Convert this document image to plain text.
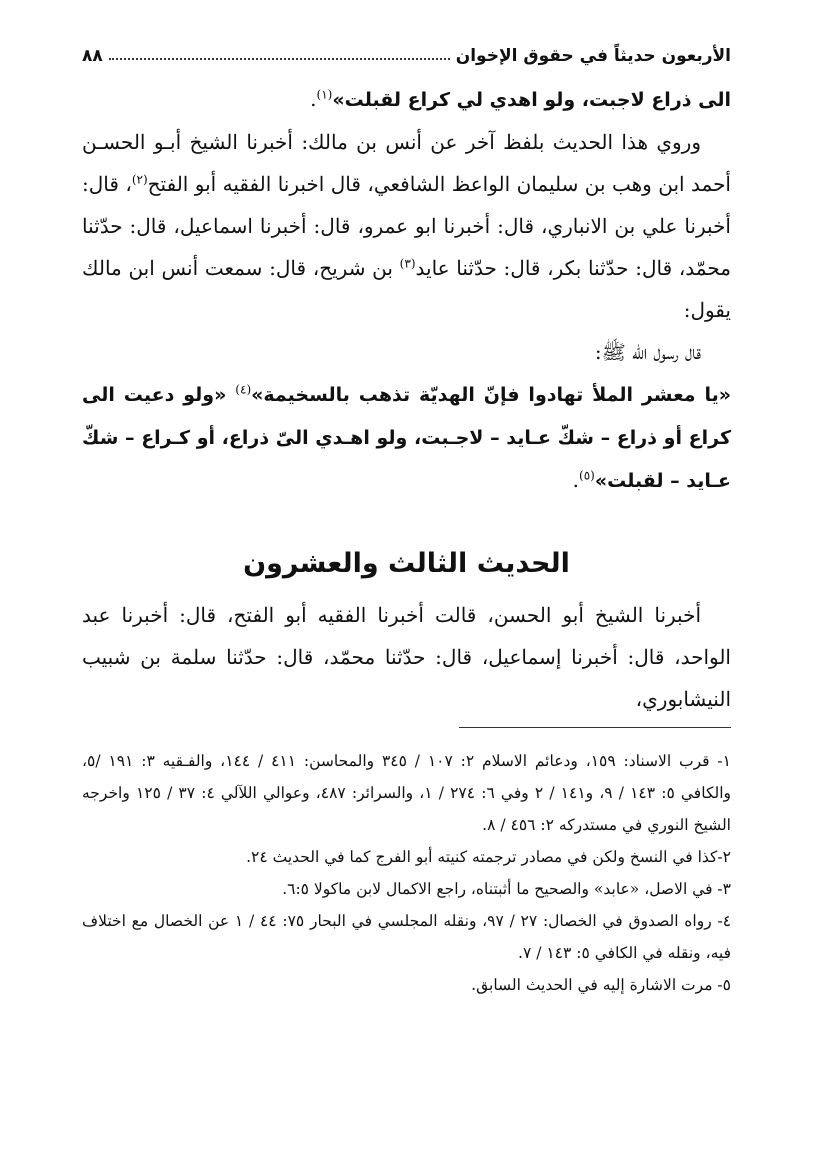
الأربعون حديثاً في حقوق الإخوان
٨٨

الى ذراع لاجبت، ولو اهدي لي كراع لقبلت»$^{(١)}$.

وروي هذا الحديث بلفظ آخر عن أنس بن مالك: أخبرنا الشيخ أبـو الحسـن أحمد ابن وهب بن سليمان الواعظ الشافعي، قال اخبرنا الفقيه أبو الفتح$^{(٢)}$، قال: أخبرنا علي بن الانباري، قال: أخبرنا ابو عمرو، قال: أخبرنا اسماعيل، قال: حدّثنا محمّد، قال: حدّثنا بكر، قال: حدّثنا عايد$^{(٣)}$ بن شريح، قال: سمعت أنس ابن مالك يقول:

قال رسول الله ﷺ:

«يا معشر الملأ تهادوا فإنّ الهديّة تذهب بالسخيمة»$^{(٤)}$ «ولو دعيت الى كراع أو ذراع – شكّ عـايد – لاجـبت، ولو اهـدي الىّ ذراع، أو كـراع – شكّ عـايد – لقبلت»$^{(٥)}$.

الحديث الثالث والعشرون

أخبرنا الشيخ أبو الحسن، قالت أخبرنا الفقيه أبو الفتح، قال: أخبرنا عبد الواحد، قال: أخبرنا إسماعيل، قال: حدّثنا محمّد، قال: حدّثنا سلمة بن شبيب النيشابوري،

١- قرب الاسناد: ١٥٩، ودعائم الاسلام ٢: ١٠٧ / ٣٤٥ والمحاسن: ٤١١ / ١٤٤، والفـقيه ٣: ١٩١ /٥، والكافي ٥: ١٤٣ / ٩، و١٤١ / ٢ وفي ٦: ٢٧٤ / ١، والسرائر: ٤٨٧، وعوالي اللآلي ٤: ٣٧ / ١٢٥ واخرجه الشيخ النوري في مستدركه ٢: ٤٥٦ / ٨.

٢-كذا في النسخ ولكن في مصادر ترجمته كنيته أبو الفرج كما في الحديث ٢٤.

٣- في الاصل، «عابد» والصحيح ما أثبتناه، راجع الاكمال لابن ماكولا ٦:٥.

٤- رواه الصدوق في الخصال: ٢٧ / ٩٧، ونقله المجلسي في البحار ٧٥: ٤٤ / ١ عن الخصال مع اختلاف فيه، ونقله في الكافي ٥: ١٤٣ / ٧.

٥- مرت الاشارة إليه في الحديث السابق.
